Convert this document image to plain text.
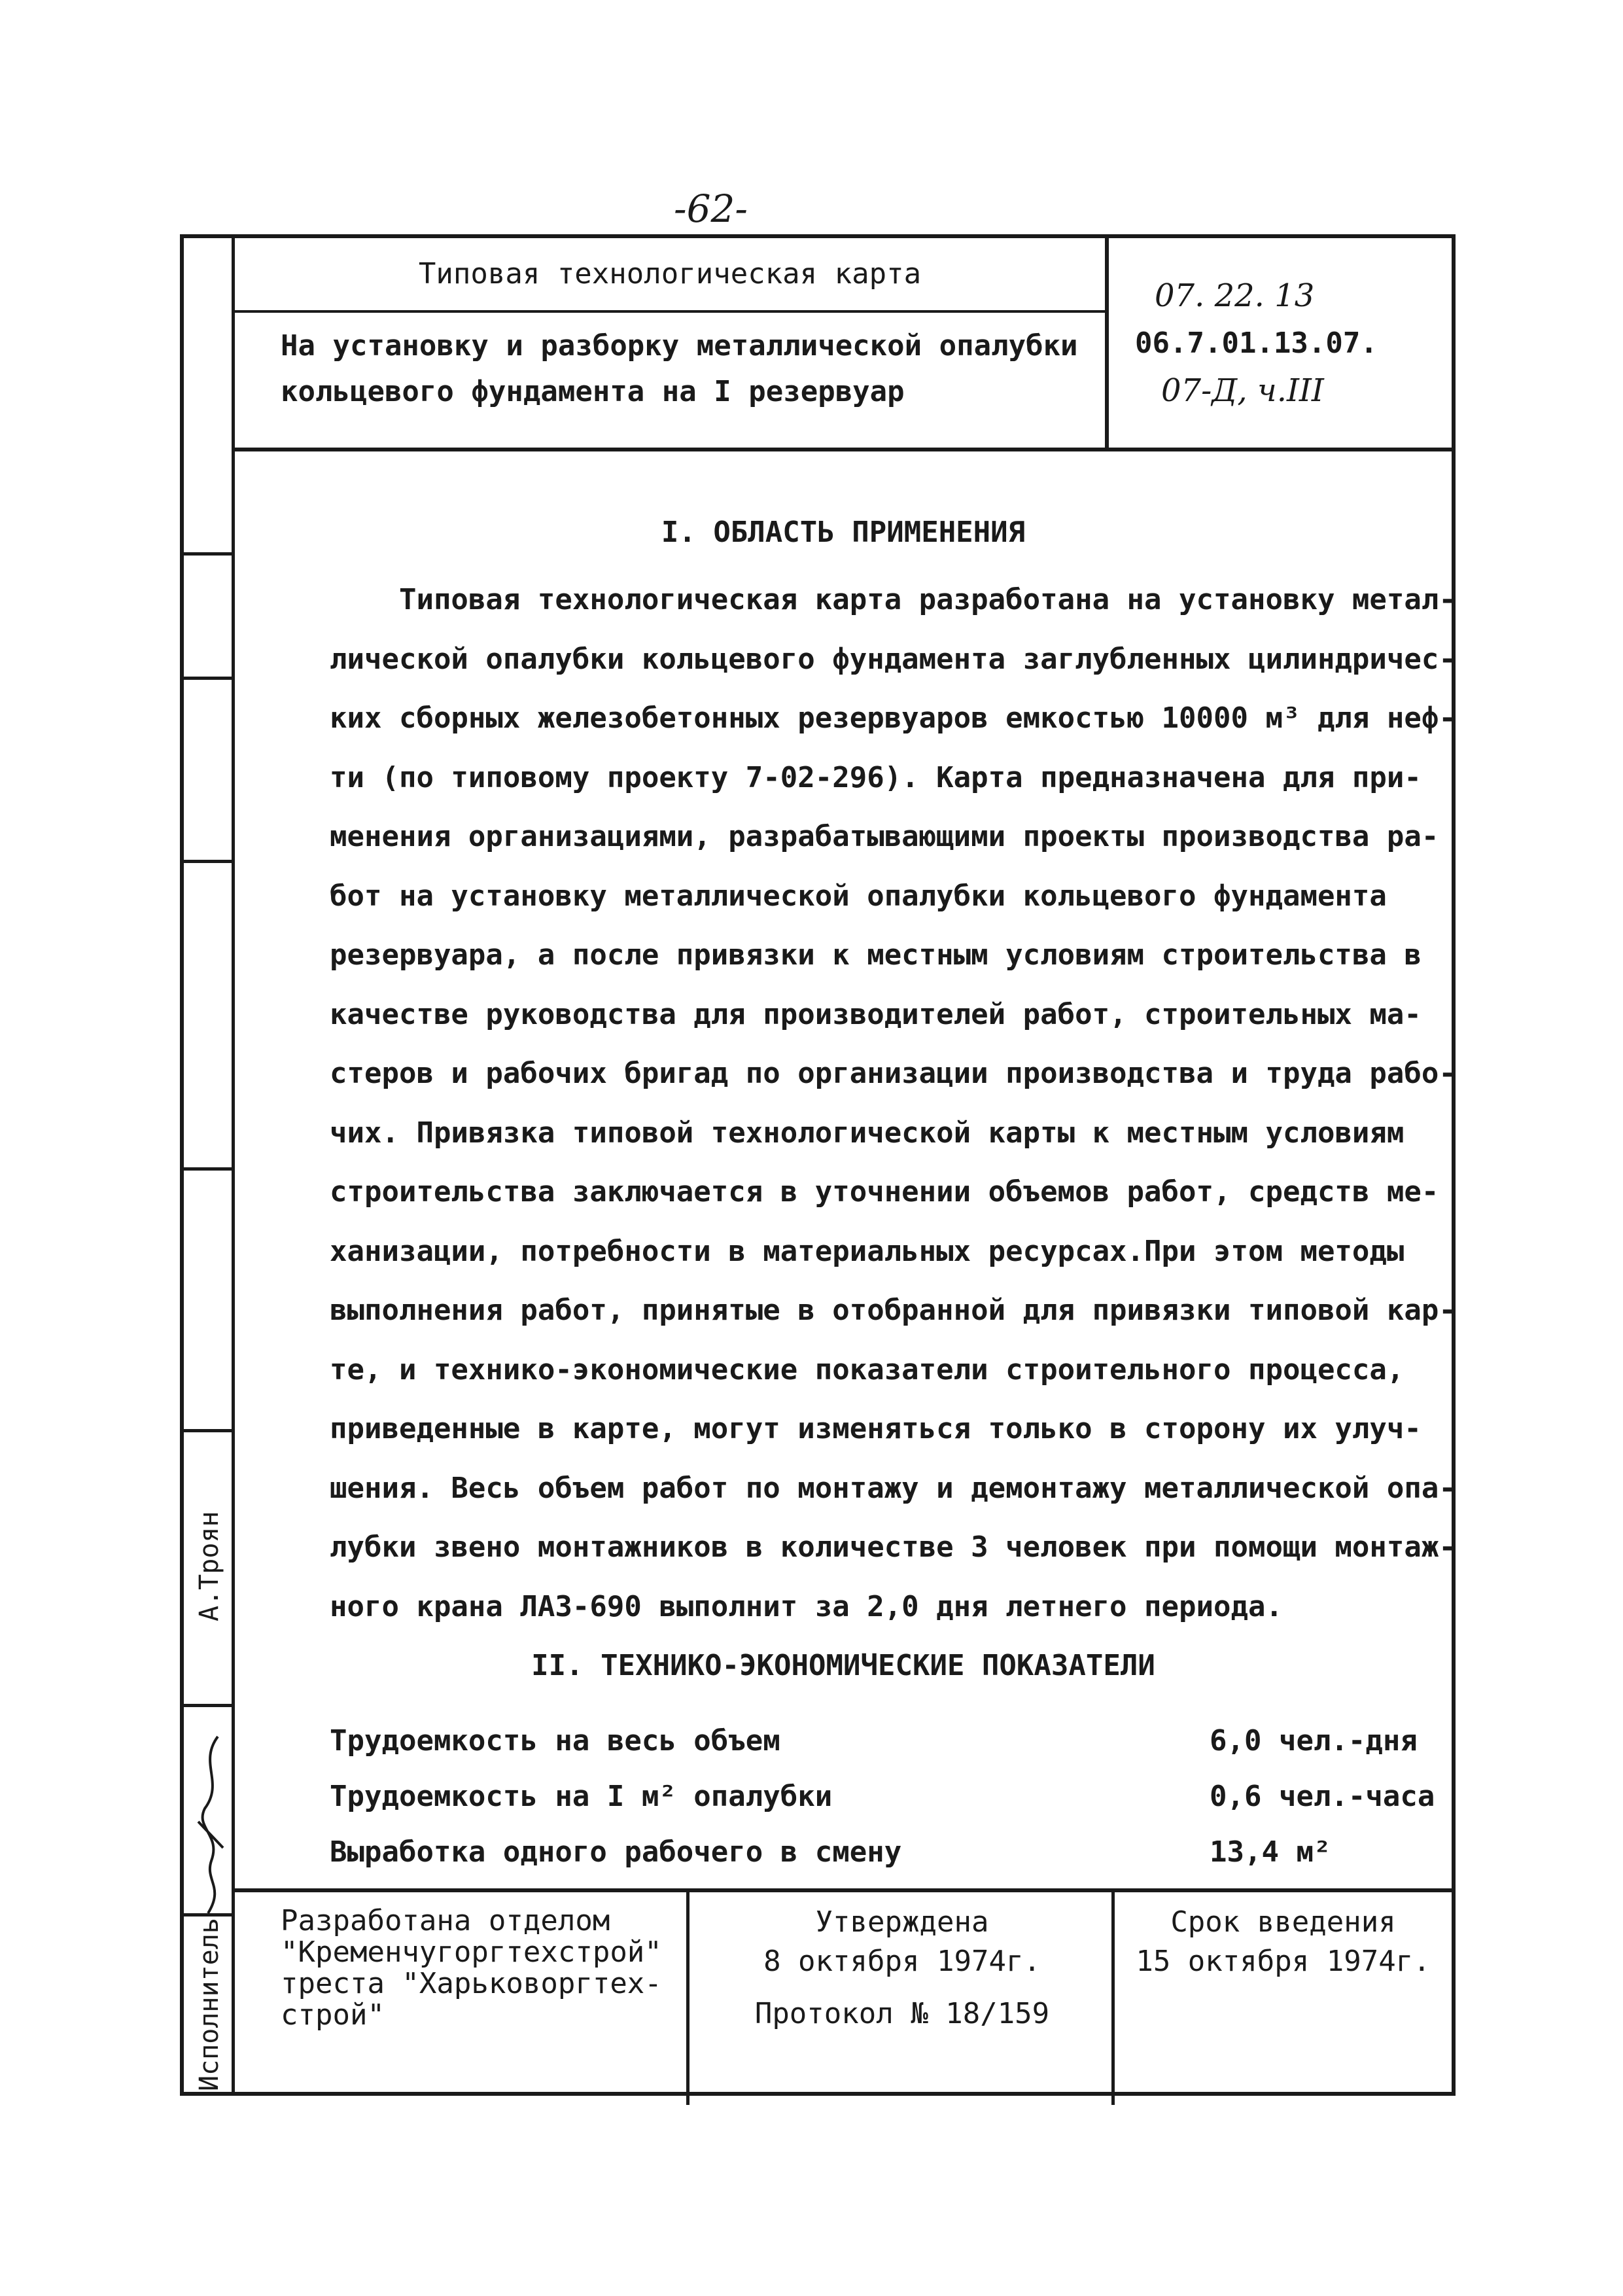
-62-
А.Троян
Исполнитель
Типовая технологическая карта
На установку и разборку металлической опалубки
кольцевого фундамента на I резервуар
07. 22. 13
06.7.01.13.07.
07-Д, ч.III
I. ОБЛАСТЬ ПРИМЕНЕНИЯ
Типовая технологическая карта разработана на установку метал-
лической опалубки кольцевого фундамента заглубленных цилиндричес-
ких сборных железобетонных резервуаров емкостью 10000 м³ для неф-
ти (по типовому проекту 7-02-296). Карта предназначена для при-
менения организациями, разрабатывающими проекты производства ра-
бот на установку металлической опалубки кольцевого фундамента
резервуара, а после привязки к местным условиям строительства в
качестве руководства для производителей работ, строительных ма-
стеров и рабочих бригад по организации производства и труда рабо-
чих. Привязка типовой технологической карты к местным условиям
строительства заключается в уточнении объемов работ, средств ме-
ханизации, потребности в материальных ресурсах.При этом методы
выполнения работ, принятые в отобранной для привязки типовой кар-
те, и технико-экономические показатели строительного процесса,
приведенные в карте, могут изменяться только в сторону их улуч-
шения. Весь объем работ по монтажу и демонтажу металлической опа-
лубки звено монтажников в количестве 3 человек при помощи монтаж-
ного крана ЛАЗ-690 выполнит за 2,0 дня летнего периода.
II. ТЕХНИКО-ЭКОНОМИЧЕСКИЕ ПОКАЗАТЕЛИ
Трудоемкость на весь объем	6,0 чел.-дня
Трудоемкость на I м² опалубки	0,6 чел.-часа
Выработка одного рабочего в смену	13,4 м²
Разработана отделом
"Кременчугоргтехстрой"
треста "Харьковоргтех-
строй"
Утверждена
8 октября 1974г.
Протокол № 18/159
Срок введения
15 октября 1974г.
